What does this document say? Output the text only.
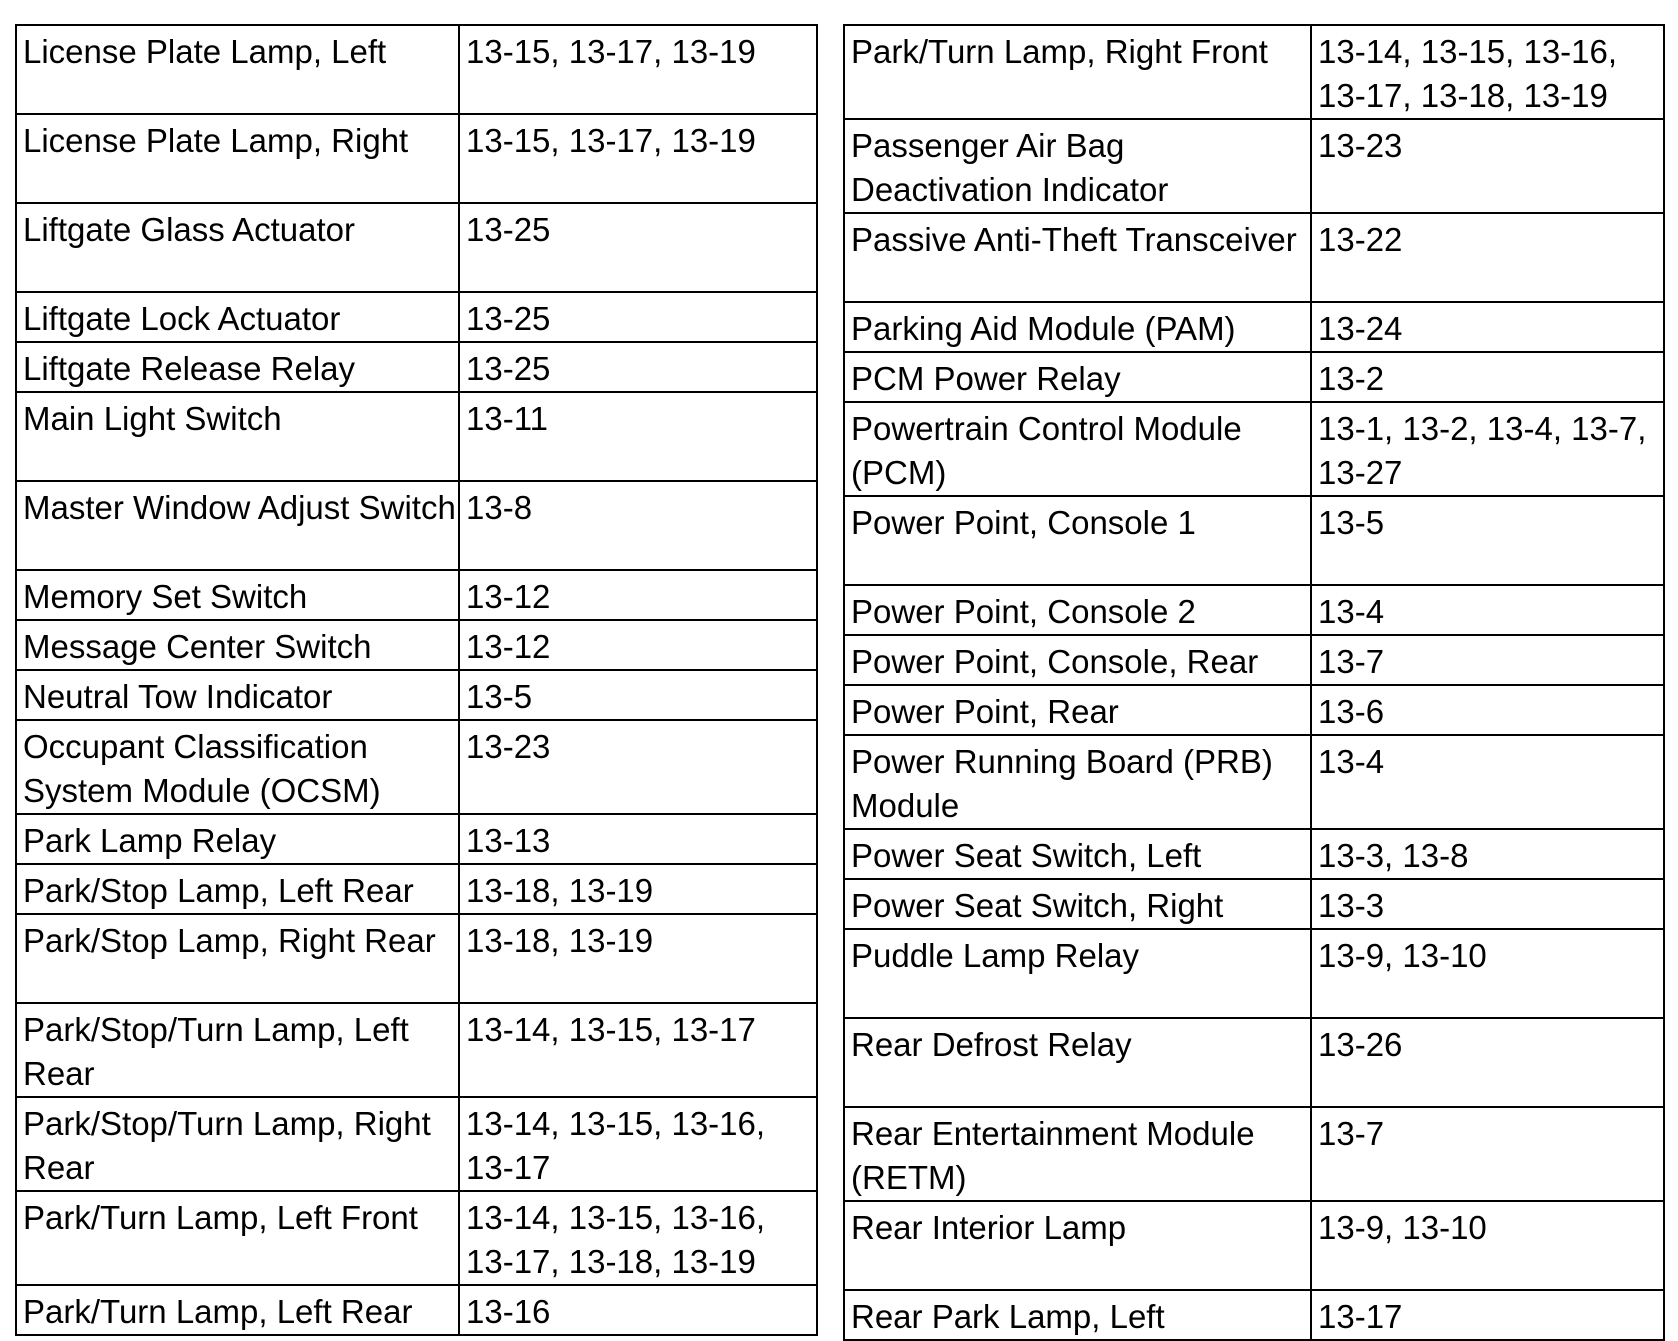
License Plate Lamp, Left	13-15, 13-17, 13-19
License Plate Lamp, Right	13-15, 13-17, 13-19
Liftgate Glass Actuator	13-25
Liftgate Lock Actuator	13-25
Liftgate Release Relay	13-25
Main Light Switch	13-11
Master Window Adjust Switch	13-8
Memory Set Switch	13-12
Message Center Switch	13-12
Neutral Tow Indicator	13-5
Occupant Classification System Module (OCSM)	13-23
Park Lamp Relay	13-13
Park/Stop Lamp, Left Rear	13-18, 13-19
Park/Stop Lamp, Right Rear	13-18, 13-19
Park/Stop/Turn Lamp, Left Rear	13-14, 13-15, 13-17
Park/Stop/Turn Lamp, Right Rear	13-14, 13-15, 13-16, 13-17
Park/Turn Lamp, Left Front	13-14, 13-15, 13-16, 13-17, 13-18, 13-19
Park/Turn Lamp, Left Rear	13-16
Park/Turn Lamp, Right Front	13-14, 13-15, 13-16, 13-17, 13-18, 13-19
Passenger Air Bag Deactivation Indicator	13-23
Passive Anti-Theft Transceiver	13-22
Parking Aid Module (PAM)	13-24
PCM Power Relay	13-2
Powertrain Control Module (PCM)	13-1, 13-2, 13-4, 13-7, 13-27
Power Point, Console 1	13-5
Power Point, Console 2	13-4
Power Point, Console, Rear	13-7
Power Point, Rear	13-6
Power Running Board (PRB) Module	13-4
Power Seat Switch, Left	13-3, 13-8
Power Seat Switch, Right	13-3
Puddle Lamp Relay	13-9, 13-10
Rear Defrost Relay	13-26
Rear Entertainment Module (RETM)	13-7
Rear Interior Lamp	13-9, 13-10
Rear Park Lamp, Left	13-17
